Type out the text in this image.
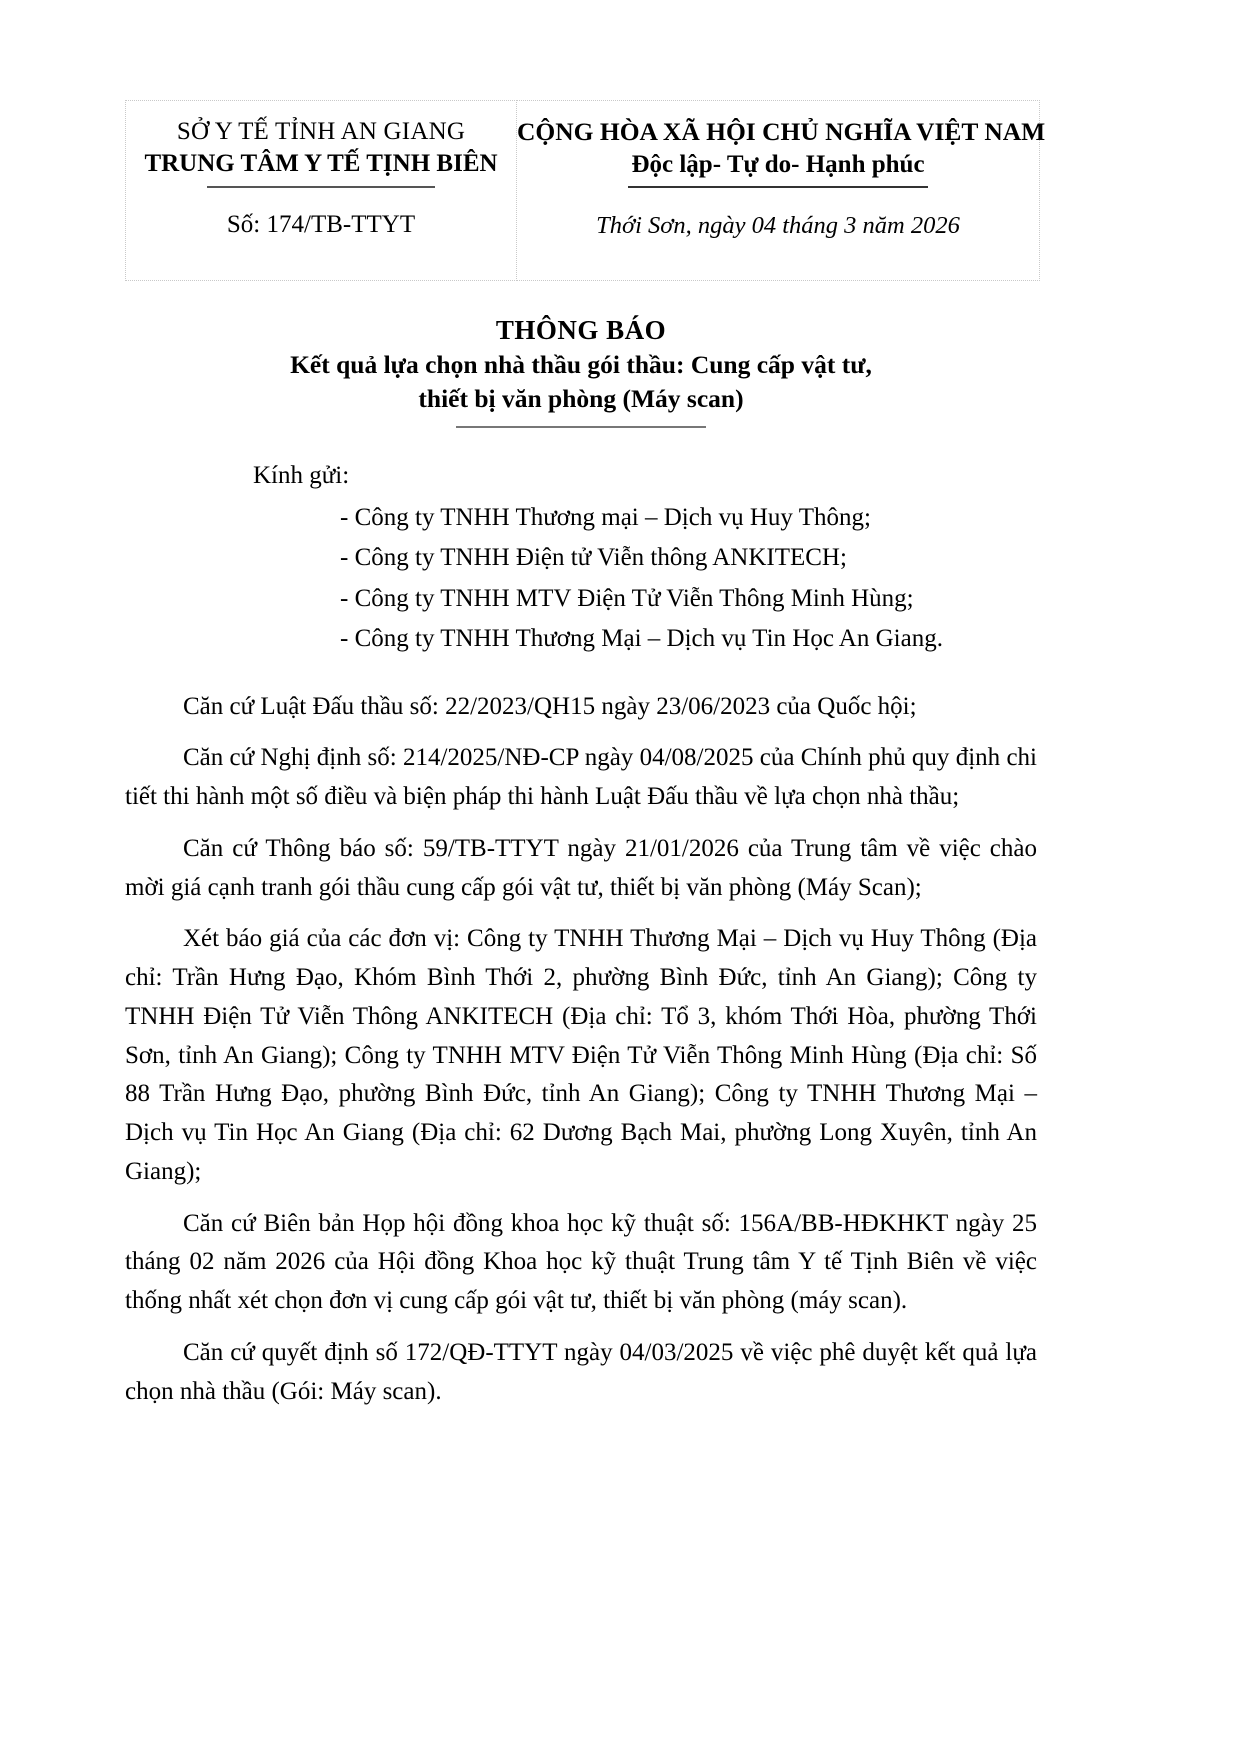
SỞ Y TẾ TỈNH AN GIANG
TRUNG TÂM Y TẾ TỊNH BIÊN
Số: 174/TB-TTYT

CỘNG HÒA XÃ HỘI CHỦ NGHĨA VIỆT NAM
Độc lập- Tự do- Hạnh phúc
Thới Sơn, ngày 04 tháng 3 năm 2026
THÔNG BÁO
Kết quả lựa chọn nhà thầu gói thầu: Cung cấp vật tư,
thiết bị văn phòng (Máy scan)
Kính gửi:
- Công ty TNHH Thương mại – Dịch vụ Huy Thông;
- Công ty TNHH Điện tử Viễn thông ANKITECH;
- Công ty TNHH MTV Điện Tử Viễn Thông Minh Hùng;
- Công ty TNHH Thương Mại – Dịch vụ Tin Học An Giang.

Căn cứ Luật Đấu thầu số: 22/2023/QH15 ngày 23/06/2023 của Quốc hội;

Căn cứ Nghị định số: 214/2025/NĐ-CP ngày 04/08/2025 của Chính phủ quy định chi tiết thi hành một số điều và biện pháp thi hành Luật Đấu thầu về lựa chọn nhà thầu;

Căn cứ Thông báo số: 59/TB-TTYT ngày 21/01/2026 của Trung tâm về việc chào mời giá cạnh tranh gói thầu cung cấp gói vật tư, thiết bị văn phòng (Máy Scan);

Xét báo giá của các đơn vị: Công ty TNHH Thương Mại – Dịch vụ Huy Thông (Địa chỉ: Trần Hưng Đạo, Khóm Bình Thới 2, phường Bình Đức, tỉnh An Giang); Công ty TNHH Điện Tử Viễn Thông ANKITECH (Địa chỉ: Tổ 3, khóm Thới Hòa, phường Thới Sơn, tỉnh An Giang); Công ty TNHH MTV Điện Tử Viễn Thông Minh Hùng (Địa chỉ: Số 88 Trần Hưng Đạo, phường Bình Đức, tỉnh An Giang); Công ty TNHH Thương Mại – Dịch vụ Tin Học An Giang (Địa chỉ: 62 Dương Bạch Mai, phường Long Xuyên, tỉnh An Giang);

Căn cứ Biên bản Họp hội đồng khoa học kỹ thuật số: 156A/BB-HĐKHKT ngày 25 tháng 02 năm 2026 của Hội đồng Khoa học kỹ thuật Trung tâm Y tế Tịnh Biên về việc thống nhất xét chọn đơn vị cung cấp gói vật tư, thiết bị văn phòng (máy scan).

Căn cứ quyết định số 172/QĐ-TTYT ngày 04/03/2025 về việc phê duyệt kết quả lựa chọn nhà thầu (Gói: Máy scan).
